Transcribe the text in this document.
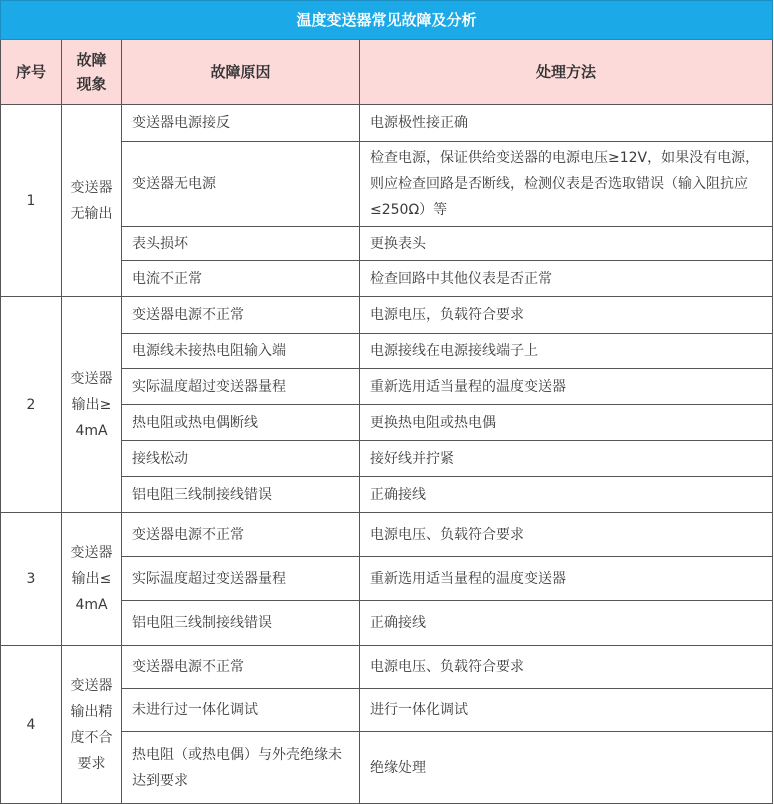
温度变送器常见故障及分析			
序号	故障现象	故障原因	处理方法
1	变送器无输出	变送器电源接反	电源极性接正确
		变送器无电源	检查电源，保证供给变送器的电源电压≥12V，如果没有电源，则应检查回路是否断线，检测仪表是否选取错误（输入阻抗应≤250Ω）等
		表头损坏	更换表头
		电流不正常	检查回路中其他仪表是否正常
2	变送器输出≥4mA	变送器电源不正常	电源电压，负载符合要求
		电源线未接热电阻输入端	电源接线在电源接线端子上
		实际温度超过变送器量程	重新选用适当量程的温度变送器
		热电阻或热电偶断线	更换热电阻或热电偶
		接线松动	接好线并拧紧
		铝电阻三线制接线错误	正确接线
3	变送器输出≤4mA	变送器电源不正常	电源电压、负载符合要求
		实际温度超过变送器量程	重新选用适当量程的温度变送器
		铝电阻三线制接线错误	正确接线
4	变送器输出精度不合要求	变送器电源不正常	电源电压、负载符合要求
		未进行过一体化调试	进行一体化调试
		热电阻（或热电偶）与外壳绝缘未达到要求	绝缘处理
